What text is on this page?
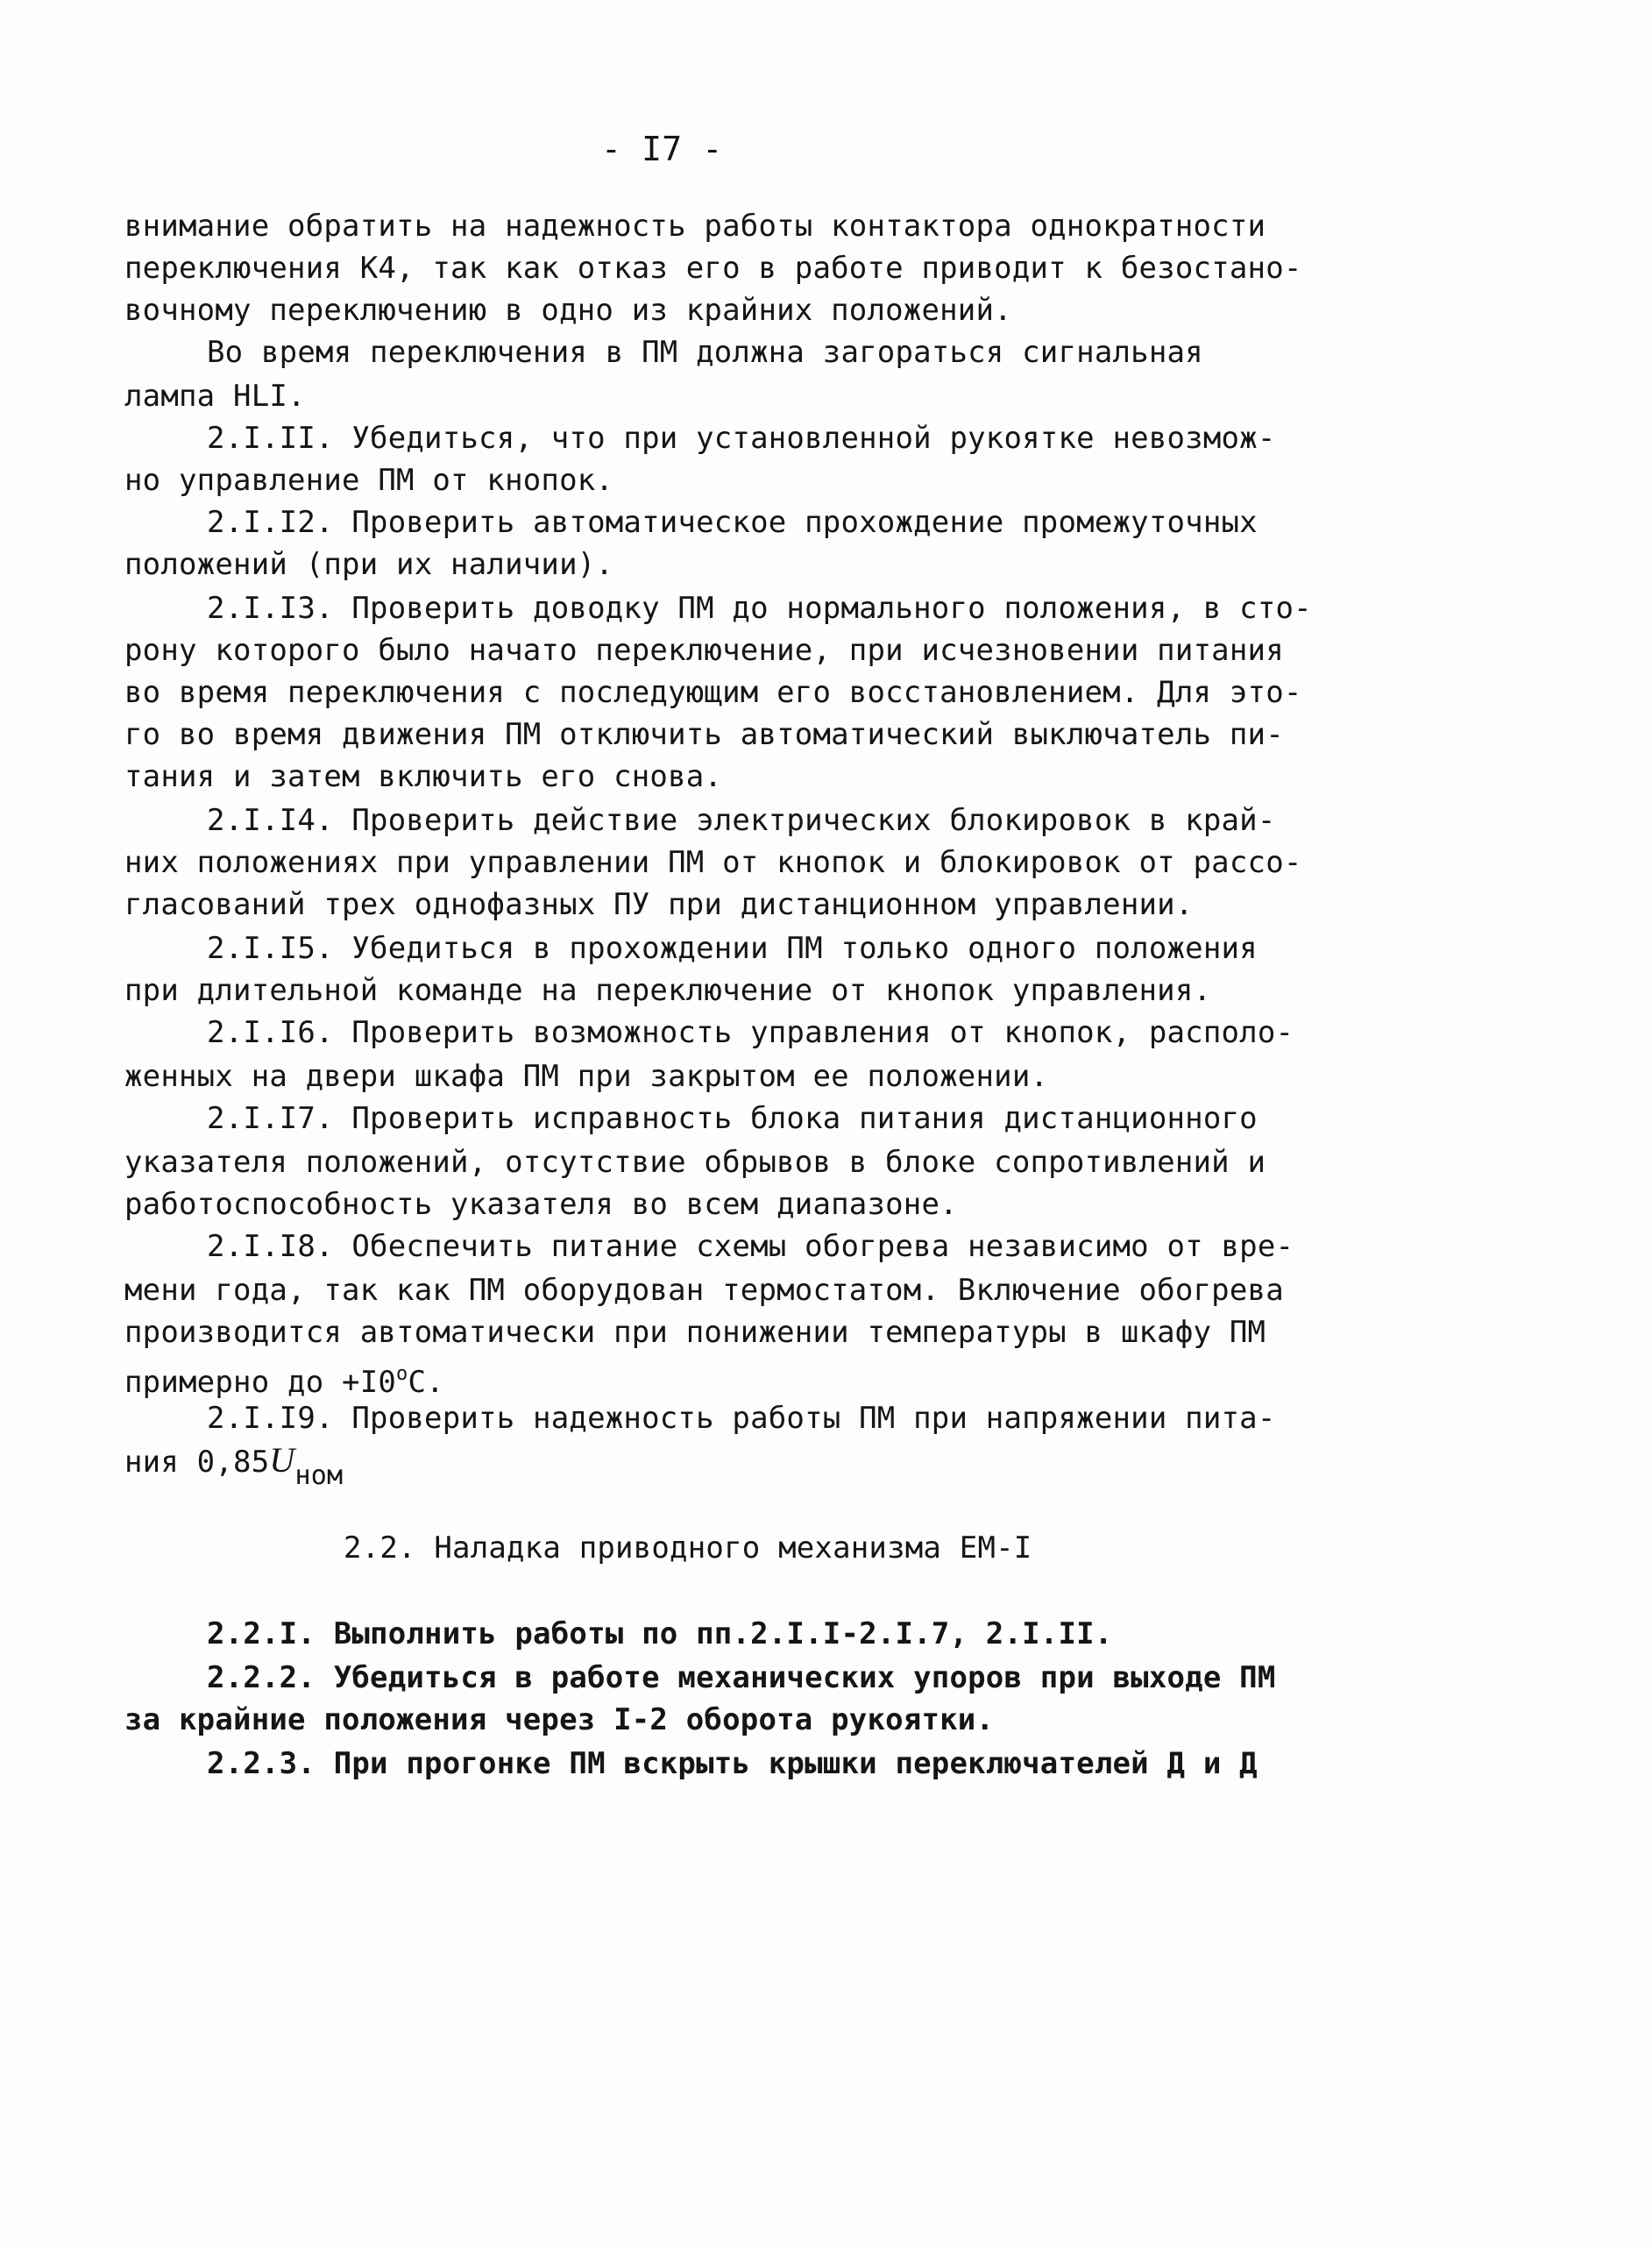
- I7 -
внимание обратить на надежность работы контактора однократности
переключения К4, так как отказ его в работе приводит к безостано-
вочному переключению в одно из крайних положений.
Во время переключения в ПМ должна загораться сигнальная
лампа HLI.
2.I.II. Убедиться, что при установленной рукоятке невозмож-
но управление ПМ от кнопок.
2.I.I2. Проверить автоматическое прохождение промежуточных
положений (при их наличии).
2.I.I3. Проверить доводку ПМ до нормального положения, в сто-
рону которого было начато переключение, при исчезновении питания
во время переключения с последующим его восстановлением. Для это-
го во время движения ПМ отключить автоматический выключатель пи-
тания и затем включить его снова.
2.I.I4. Проверить действие электрических блокировок в край-
них положениях при управлении ПМ от кнопок и блокировок от рассо-
гласований трех однофазных ПУ при дистанционном управлении.
2.I.I5. Убедиться в прохождении ПМ только одного положения
при длительной команде на переключение от кнопок управления.
2.I.I6. Проверить возможность управления от кнопок, располо-
женных на двери шкафа ПМ при закрытом ее положении.
2.I.I7. Проверить исправность блока питания дистанционного
указателя положений, отсутствие обрывов в блоке сопротивлений и
работоспособность указателя во всем диапазоне.
2.I.I8. Обеспечить питание схемы обогрева независимо от вре-
мени года, так как ПМ оборудован термостатом. Включение обогрева
производится автоматически при понижении температуры в шкафу ПМ
примерно до $+I0^oС$.
2.I.I9. Проверить надежность работы ПМ при напряжении пита-
ния 0,85Uном
2.2. Наладка приводного механизма ЕМ-I
2.2.I. Выполнить работы по пп.2.I.I-2.I.7, 2.I.II.
2.2.2. Убедиться в работе механических упоров при выходе ПМ
за крайние положения через I-2 оборота рукоятки.
2.2.3. При прогонке ПМ вскрыть крышки переключателей Д и Д
